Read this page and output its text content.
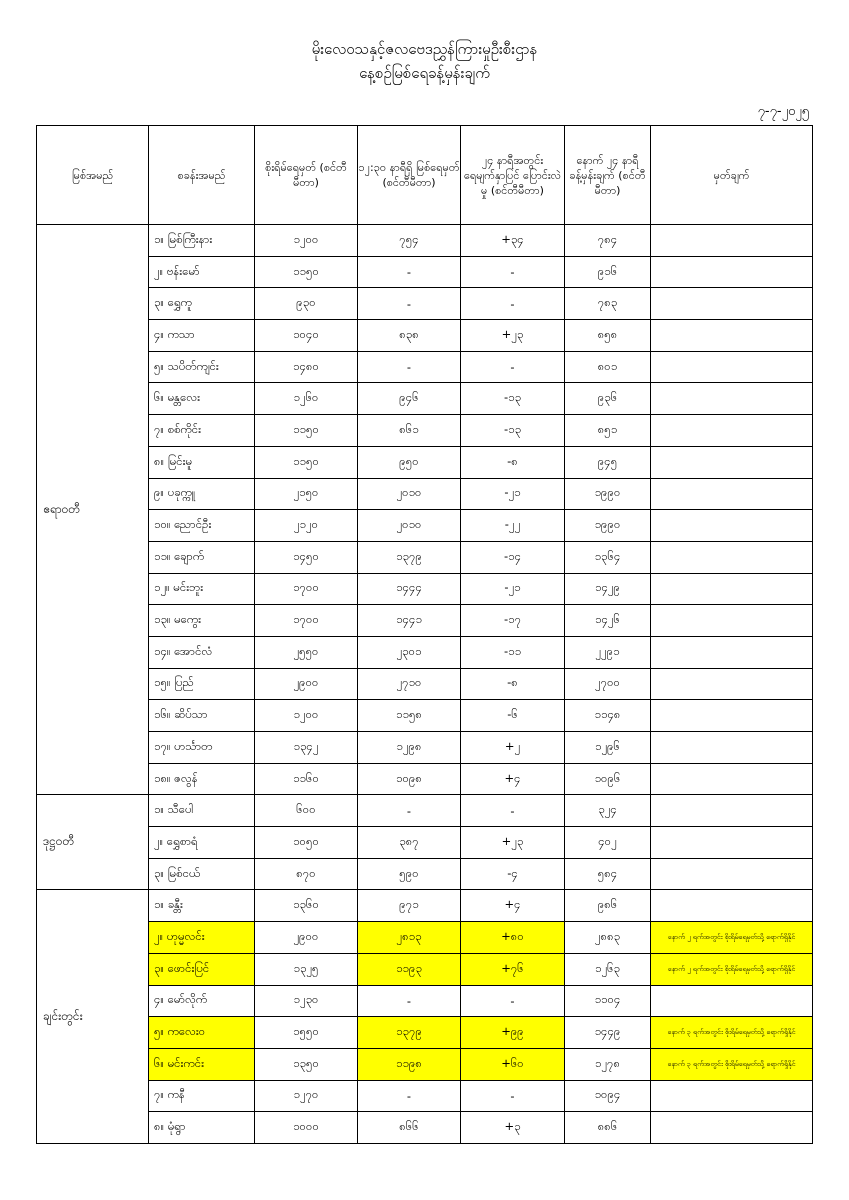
မိုးလေဝသနှင့်ဇလဗေဒညွှန်ကြားမှုဦးစီးဌာန
နေ့စဉ်မြစ်ရေခန့်မှန်းချက်
၇-၇-၂၀၂၅
မြစ်အမည်	စခန်းအမည်	စိုးရိမ်ရေမှတ် (စင်တီမီတာ)	၁၂:၃၀ နာရီရှိ မြစ်ရေမှတ် (စင်တီမီတာ)	၂၄ နာရီအတွင်း ရေမျက်နှာပြင် ပြောင်းလဲမှု (စင်တီမီတာ)	နောက် ၂၄ နာရီ ခန့်မှန်းချက် (စင်တီမီတာ)	မှတ်ချက်
ဧရာဝတီ	၁။ မြစ်ကြီးနား	၁၂၀၀	၇၅၄	+၃၄	၇၈၄	
	၂။ ဗန်းမော်	၁၁၅၀	-	-	၉၁၆	
	၃။ ရွှေကူ	၉၃၀	-	-	၇၈၃	
	၄။ ကသာ	၁၀၄၀	၈၃၈	+၂၃	၈၅၈	
	၅။ သပိတ်ကျင်း	၁၄၈၀	-	-	၈၀၁	
	၆။ မန္တလေး	၁၂၆၀	၉၄၆	-၁၃	၉၃၆	
	၇။ စစ်ကိုင်း	၁၁၅၀	၈၆၁	-၁၃	၈၅၁	
	၈။ မြင်းမူ	၁၁၅၀	၉၅၀	-၈	၉၄၅	
	၉။ ပခုက္ကူ	၂၁၅၀	၂၀၁၀	-၂၁	၁၉၉၀	
	၁၀။ ညောင်ဦး	၂၁၂၀	၂၀၁၀	-၂၂	၁၉၉၀	
	၁၁။ ချောက်	၁၄၅၀	၁၃၇၉	-၁၄	၁၃၆၄	
	၁၂။ မင်းဘူး	၁၇၀၀	၁၄၄၄	-၂၁	၁၄၂၉	
	၁၃။ မကွေး	၁၇၀၀	၁၄၄၁	-၁၇	၁၄၂၆	
	၁၄။ အောင်လံ	၂၅၅၀	၂၃၀၁	-၁၁	၂၂၉၁	
	၁၅။ ပြည်	၂၉၀၀	၂၇၁၀	-၈	၂၇၀၀	
	၁၆။ ဆိပ်သာ	၁၂၀၀	၁၁၅၈	-၆	၁၁၄၈	
	၁၇။ ဟင်္သာတ	၁၃၄၂	၁၂၉၈	+၂	၁၂၉၆	
	၁၈။ ဇလွန်	၁၁၆၀	၁၀၉၈	+၄	၁၀၉၆	
ဒုဋ္ဌဝတီ	၁။ သီပေါ	၆၀၀	-	-	၃၂၄	
	၂။ ရွှေစာရံ	၁၀၅၀	၃၈၇	+၂၃	၄၀၂	
	၃။ မြစ်ငယ်	၈၇၀	၅၉၀	-၄	၅၈၄	
ချင်းတွင်း	၁။ ခန္တီး	၁၃၆၀	၉၇၁	+၄	၉၈၆	
	၂။ ဟုမ္မလင်း	၂၉၀၀	၂၈၁၃	+၈၀	၂၈၈၃	နောက် ၂ ရက်အတွင်း စိုးရိမ်ရေမှတ်သို့ ရောက်ရှိနိုင်
	၃။ ဖောင်းပြင်	၁၃၂၅	၁၁၉၃	+၇၆	၁၂၆၃	နောက် ၂ ရက်အတွင်း စိုးရိမ်ရေမှတ်သို့ ရောက်ရှိနိုင်
	၄။ မော်လိုက်	၁၂၃၀	-	-	၁၁၀၄	
	၅။ ကလေးဝ	၁၅၅၀	၁၃၇၉	+၉၉	၁၄၄၉	နောက် ၃ ရက်အတွင်း စိုးရိမ်ရေမှတ်သို့ ရောက်ရှိနိုင်
	၆။ မင်းကင်း	၁၃၅၀	၁၁၉၈	+၆၀	၁၂၇၈	နောက် ၃ ရက်အတွင်း စိုးရိမ်ရေမှတ်သို့ ရောက်ရှိနိုင်
	၇။ ကနီ	၁၂၇၀	-	-	၁၀၉၄	
	၈။ မုံရွာ	၁၀၀၀	၈၆၆	+၃	၈၈၆	
